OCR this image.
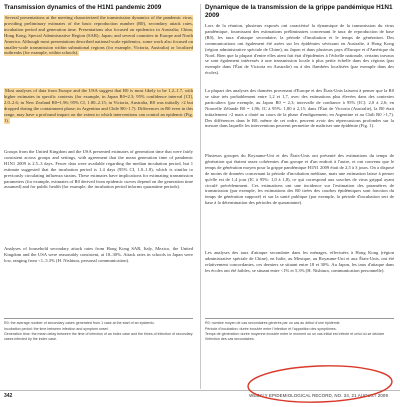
Transmission dynamics of the H1N1 pandemic 2009
Several presentations at the meeting characterized the transmission dynamics of the pandemic virus, providing preliminary estimates of the basic reproduction number (R0), secondary attack rates, incubation period and generation time. Presentations also focused on epidemics in Australia; China, Hong Kong, Special Administrative Region (SAR); Japan; and several countries in Europe and North America. Although most presentations described national-scale epidemics, some work also focused on smaller-scale transmission within subnational regions (for example, Victoria, Australia) or localized outbreaks (for example, within schools).
Most analyses of data from Europe and the USA suggest that R0 is most likely to be 1.2–1.7, with higher estimates in specific contexts (for example, in Japan R0=2.3; 95% confidence interval [CI], 2.0–2.6; in New Zealand R0=1.96; 95% CI, 1.80–2.15; in Victoria, Australia, R0 was initially >2 but dropped during the containment phase; in Argentina and Chile R0>1.7). Differences in R0 even in this range, may have a profound impact on the extent to which interventions can control an epidemic (Fig. 1).
Groups from the United Kingdom and the USA presented estimates of generation time that were fairly consistent across groups and settings, with agreement that the mean generation time of pandemic H1N1 2009 is 2.5–3 days. Fewer data were available regarding the median incubation period, but 1 estimate suggested that the incubation period is 1.4 days (95% CI, 1.0–1.8), which is similar to previously circulating influenza strains. These estimates have implications for estimating transmission parameters (for example, estimates of R0 derived from epidemic curves depend on the generation time assumed) and for public health (for example, the incubation period informs quarantine periods).
Analyses of household secondary attack rates from Hong Kong SAR, Italy, Mexico, the United Kingdom and the USA were reasonably consistent, at 18–30%. Attack rates in schools in Japan were low, ranging from <1–5.3% (H. Nishiura, personal communication).
Dynamique de la transmission de la grippe pandémique H1N1 2009
Lors de la réunion, plusieurs exposés ont caractérisé la dynamique de la transmission du virus pandémique, fournissant des estimations préliminaires concernant le taux de reproduction de base (R0), les taux d'attaque secondaire, la période d'incubation et le temps de génération. Des communications ont également été axées sur les épidémies sévissant en Australie, à Hong Kong (région administrative spéciale de Chine), au Japon et dans plusieurs pays d'Europe et d'Amérique du Nord. Bien que la plupart d'entre elles aient fait état d'épidémies à l'échelle nationale, certains travaux se sont également intéressés à une transmission locale à plus petite échelle dans des régions (par exemple dans l'État de Victoria en Australie) ou à des flambées localisées (par exemple dans des écoles).
La plupart des analyses des données provenant d'Europe et des États-Unis laissent à penser que la R0 se situe très probablement entre 1,2 et 1,7, avec des estimations plus élevées dans des contextes particuliers (par exemple, au Japon R0 = 2,3; intervalle de confiance à 95% [IC]: 2,0 à 2,6; en Nouvelle Zélande R0 = 1,96; IC à 95%: 1,80 à 2,15; dans l'État de Victoria (Australie), la R0 était initialement >2 mais a chuté au cours de la phase d'endiguement; en Argentine et au Chili R0 >1,7). Des différences dans le R0, même de cet ordre, peuvent avoir des répercussions profondes sur la mesure dans laquelle les interventions peuvent permettre de maîtriser une épidémie (Fig. 1).
Plusieurs groupes du Royaume-Uni et des États-Unis ont présenté des estimations du temps de génération qui étaient assez cohérentes d'un groupe et d'un endroit à l'autre, et ont convenu que le temps de génération moyen pour la grippe pandémique H1N1 2009 était de 2,5 à 3 jours. On a disposé de moins de données concernant la période d'incubation médiane, mais une estimation laisse à penser qu'elle est de 1,4 jour (IC à 95%: 1,0 à 1,8), ce qui correspond aux souches de virus grippal ayant circulé précédemment. Ces estimations ont une incidence sur l'estimation des paramètres de transmission (par exemple, les estimations des R0 tirées des courbes épidémiques sont fonction du temps de génération supposé) et sur la santé publique (par exemple, la période d'incubation sert de base à la détermination des périodes de quarantaine).
Les analyses des taux d'attaque secondaire dans les ménages, effectuées à Hong Kong (région administrative spéciale de Chine), en Italie, au Mexique, au Royaume-Uni et aux États-Unis, ont été relativement concordantes, ces derniers se situant entre 18 et 30%. Au Japon, les taux d'attaque dans les écoles ont été faibles, se situant entre <1% et 5,3% (H. Nishiura, communication personnelle).
R0: the average number of secondary cases generated from 1 case at the start of an epidemic.
Incubation period: the time between infection and symptom onset.
Generation time: the mean delay between the time of infection of an index case and the times of infection of secondary cases infected by the index case.
R0: nombre moyen de cas secondaires générés par un cas au début d'une épidémie.
Période d'incubation: durée écoulée entre l'infection et l'apparition des symptômes.
Temps de génération: durée moyenne écoulée entre le moment où un cas initial est infecté et celui où se déclare l'infection des cas secondaires.
342	WEEKLY EPIDEMIOLOGICAL RECORD, NO. 34, 21 AUGUST 2009
